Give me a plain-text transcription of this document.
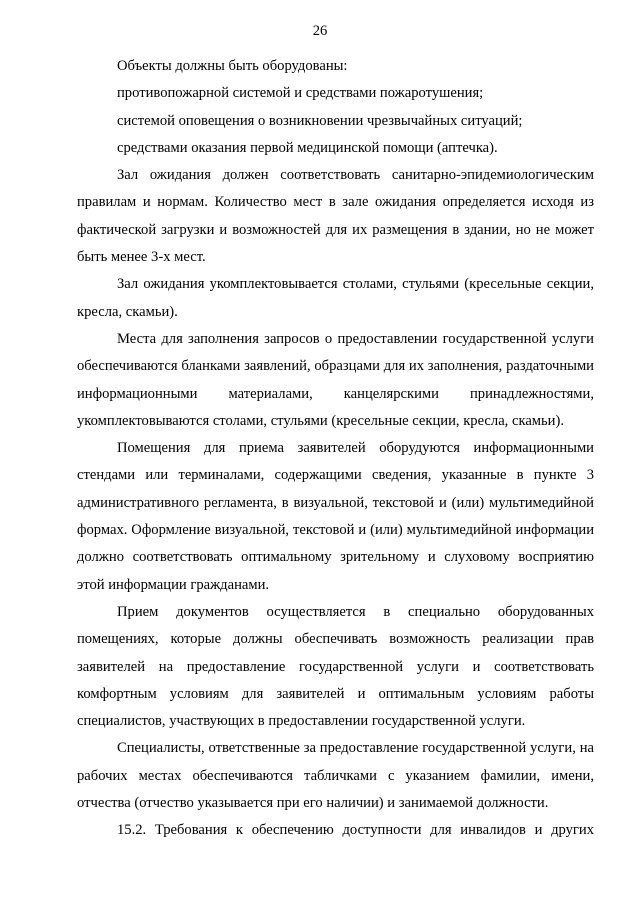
26

Объекты должны быть оборудованы:

противопожарной системой и средствами пожаротушения;

системой оповещения о возникновении чрезвычайных ситуаций;

средствами оказания первой медицинской помощи (аптечка).

Зал ожидания должен соответствовать санитарно-эпидемиологическим правилам и нормам. Количество мест в зале ожидания определяется исходя из фактической загрузки и возможностей для их размещения в здании, но не может быть менее 3-х мест.

Зал ожидания укомплектовывается столами, стульями (кресельные секции, кресла, скамьи).

Места для заполнения запросов о предоставлении государственной услуги обеспечиваются бланками заявлений, образцами для их заполнения, раздаточными информационными материалами, канцелярскими принадлежностями, укомплектовываются столами, стульями (кресельные секции, кресла, скамьи).

Помещения для приема заявителей оборудуются информационными стендами или терминалами, содержащими сведения, указанные в пункте 3 административного регламента, в визуальной, текстовой и (или) мультимедийной формах. Оформление визуальной, текстовой и (или) мультимедийной информации должно соответствовать оптимальному зрительному и слуховому восприятию этой информации гражданами.

Прием документов осуществляется в специально оборудованных помещениях, которые должны обеспечивать возможность реализации прав заявителей на предоставление государственной услуги и соответствовать комфортным условиям для заявителей и оптимальным условиям работы специалистов, участвующих в предоставлении государственной услуги.

Специалисты, ответственные за предоставление государственной услуги, на рабочих местах обеспечиваются табличками с указанием фамилии, имени, отчества (отчество указывается при его наличии) и занимаемой должности.

15.2. Требования к обеспечению доступности для инвалидов и других
